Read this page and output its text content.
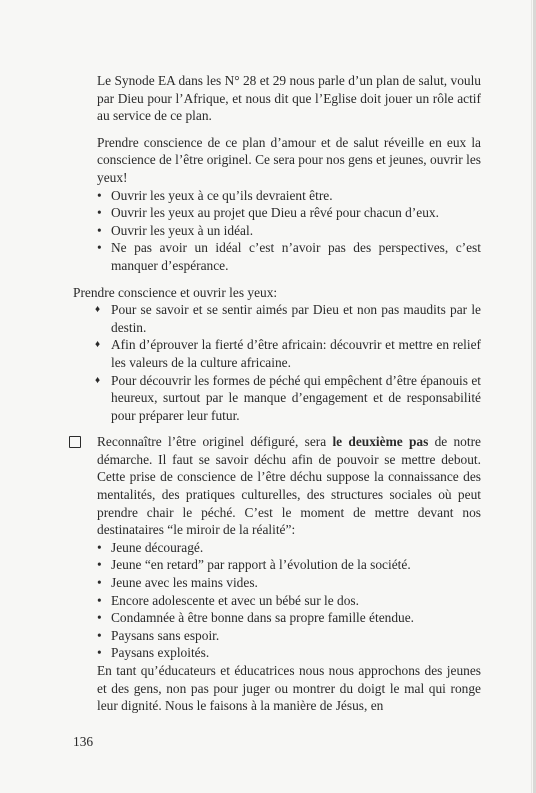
Le Synode EA dans les N° 28 et 29 nous parle d’un plan de salut, voulu par Dieu pour l’Afrique, et nous dit que l’Eglise doit jouer un rôle actif au service de ce plan.

Prendre conscience de ce plan d’amour et de salut réveille en eux la conscience de l’être originel. Ce sera pour nos gens et jeunes, ouvrir les yeux!

• Ouvrir les yeux à ce qu’ils devraient être.
• Ouvrir les yeux au projet que Dieu a rêvé pour chacun d’eux.
• Ouvrir les yeux à un idéal.
• Ne pas avoir un idéal c’est n’avoir pas des perspectives, c’est manquer d’espérance.

Prendre conscience et ouvrir les yeux:

♦ Pour se savoir et se sentir aimés par Dieu et non pas maudits par le destin.
♦ Afin d’éprouver la fierté d’être africain: découvrir et mettre en relief les valeurs de la culture africaine.
♦ Pour découvrir les formes de péché qui empêchent d’être épanouis et heureux, surtout par le manque d’engagement et de responsabilité pour préparer leur futur.

Reconnaître l’être originel défiguré, sera le deuxième pas de notre démarche. Il faut se savoir déchu afin de pouvoir se mettre debout. Cette prise de conscience de l’être déchu suppose la connaissance des mentalités, des pratiques culturelles, des structures sociales où peut prendre chair le péché. C’est le moment de mettre devant nos destinataires “le miroir de la réalité”:

• Jeune découragé.
• Jeune “en retard” par rapport à l’évolution de la société.
• Jeune avec les mains vides.
• Encore adolescente et avec un bébé sur le dos.
• Condamnée à être bonne dans sa propre famille étendue.
• Paysans sans espoir.
• Paysans exploités.

En tant qu’éducateurs et éducatrices nous nous approchons des jeunes et des gens, non pas pour juger ou montrer du doigt le mal qui ronge leur dignité. Nous le faisons à la manière de Jésus, en

136
